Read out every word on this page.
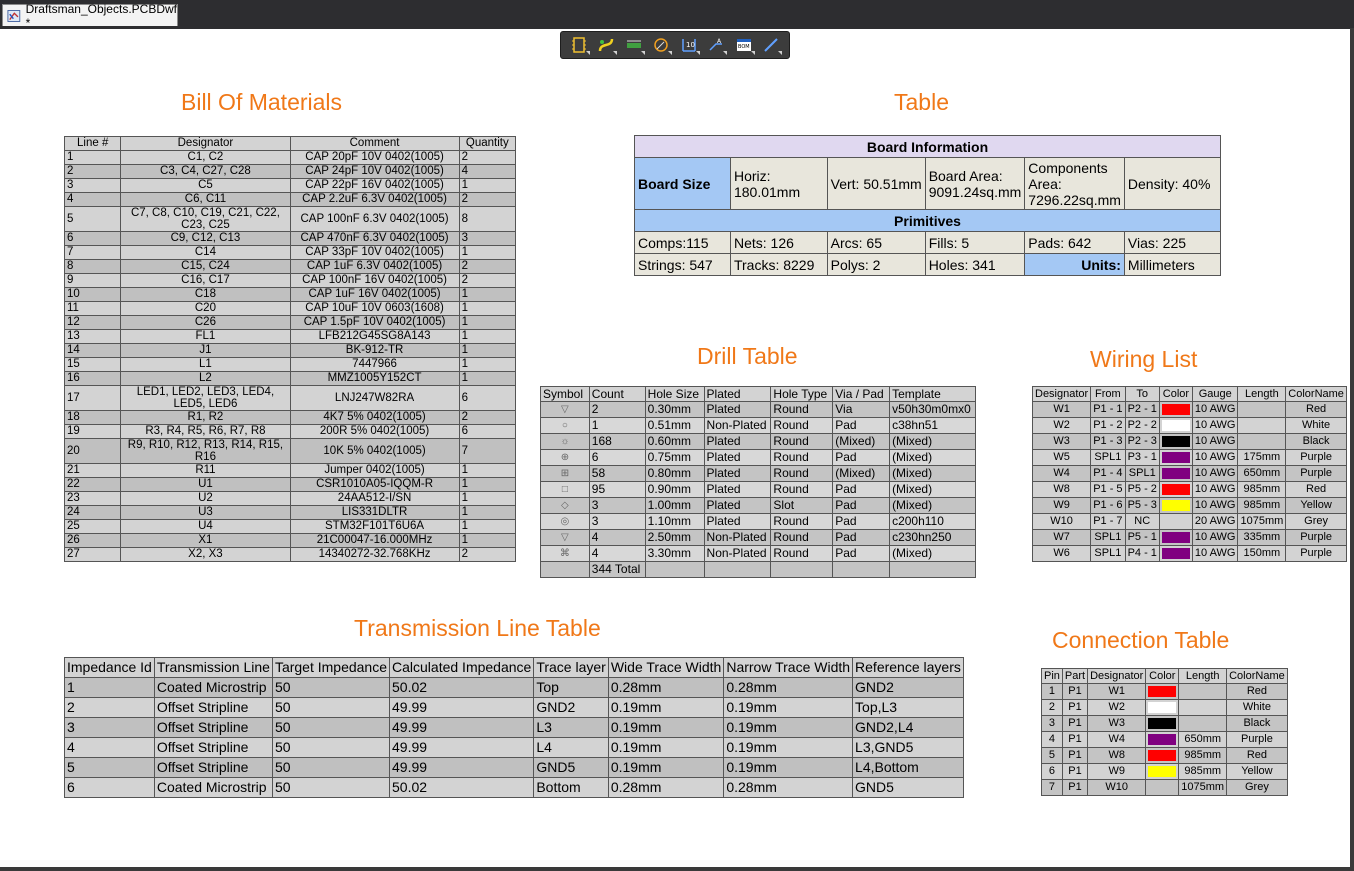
Draftsman_Objects.PCBDwf *
10	A
BOM
Bill Of Materials
Line #	Designator	Comment	Quantity
1	C1, C2	CAP 20pF 10V 0402(1005)	2
2	C3, C4, C27, C28	CAP 24pF 10V 0402(1005)	4
3	C5	CAP 22pF 16V 0402(1005)	1
4	C6, C11	CAP 2.2uF 6.3V 0402(1005)	2
5	C7, C8, C10, C19, C21, C22, C23, C25	CAP 100nF 6.3V 0402(1005)	8
6	C9, C12, C13	CAP 470nF 6.3V 0402(1005)	3
7	C14	CAP 33pF 10V 0402(1005)	1
8	C15, C24	CAP 1uF 6.3V 0402(1005)	2
9	C16, C17	CAP 100nF 16V 0402(1005)	2
10	C18	CAP 1uF 16V 0402(1005)	1
11	C20	CAP 10uF 10V 0603(1608)	1
12	C26	CAP 1.5pF 10V 0402(1005)	1
13	FL1	LFB212G45SG8A143	1
14	J1	BK-912-TR	1
15	L1	7447966	1
16	L2	MMZ1005Y152CT	1
17	LED1, LED2, LED3, LED4, LED5, LED6	LNJ247W82RA	6
18	R1, R2	4K7 5% 0402(1005)	2
19	R3, R4, R5, R6, R7, R8	200R 5% 0402(1005)	6
20	R9, R10, R12, R13, R14, R15, R16	10K 5% 0402(1005)	7
21	R11	Jumper 0402(1005)	1
22	U1	CSR1010A05-IQQM-R	1
23	U2	24AA512-I/SN	1
24	U3	LIS331DLTR	1
25	U4	STM32F101T6U6A	1
26	X1	21C00047-16.000MHz	1
27	X2, X3	14340272-32.768KHz	2
Table
Board Information					
Board Size	Horiz: 180.01mm	Vert: 50.51mm	Board Area: 9091.24sq.mm	Components Area: 7296.22sq.mm	Density: 40%
Primitives					
Comps:115	Nets: 126	Arcs: 65	Fills: 5	Pads: 642	Vias: 225
Strings: 547	Tracks: 8229	Polys: 2	Holes: 341	Units:	Millimeters
Drill Table
Symbol	Count	Hole Size	Plated	Hole Type	Via / Pad	Template
▽	2	0.30mm	Plated	Round	Via	v50h30m0mx0
○	1	0.51mm	Non-Plated	Round	Pad	c38hn51
☼	168	0.60mm	Plated	Round	(Mixed)	(Mixed)
⊕	6	0.75mm	Plated	Round	Pad	(Mixed)
⊞	58	0.80mm	Plated	Round	(Mixed)	(Mixed)
□	95	0.90mm	Plated	Round	Pad	(Mixed)
◇	3	1.00mm	Plated	Slot	Pad	(Mixed)
◎	3	1.10mm	Plated	Round	Pad	c200h110
▽	4	2.50mm	Non-Plated	Round	Pad	c230hn250
⌘	4	3.30mm	Non-Plated	Round	Pad	(Mixed)
	344 Total					
Wiring List
Designator	From	To	Color	Gauge	Length	ColorName
W1	P1 - 1	P2 - 1		10 AWG		Red
W2	P1 - 2	P2 - 2		10 AWG		White
W3	P1 - 3	P2 - 3		10 AWG		Black
W5	SPL1	P3 - 1		10 AWG	175mm	Purple
W4	P1 - 4	SPL1		10 AWG	650mm	Purple
W8	P1 - 5	P5 - 2		10 AWG	985mm	Red
W9	P1 - 6	P5 - 3		10 AWG	985mm	Yellow
W10	P1 - 7	NC		20 AWG	1075mm	Grey
W7	SPL1	P5 - 1		10 AWG	335mm	Purple
W6	SPL1	P4 - 1		10 AWG	150mm	Purple
Transmission Line Table
Impedance Id	Transmission Line	Target Impedance	Calculated Impedance	Trace layer	Wide Trace Width	Narrow Trace Width	Reference layers
1	Coated Microstrip	50	50.02	Top	0.28mm	0.28mm	GND2
2	Offset Stripline	50	49.99	GND2	0.19mm	0.19mm	Top,L3
3	Offset Stripline	50	49.99	L3	0.19mm	0.19mm	GND2,L4
4	Offset Stripline	50	49.99	L4	0.19mm	0.19mm	L3,GND5
5	Offset Stripline	50	49.99	GND5	0.19mm	0.19mm	L4,Bottom
6	Coated Microstrip	50	50.02	Bottom	0.28mm	0.28mm	GND5
Connection Table
Pin	Part	Designator	Color	Length	ColorName
1	P1	W1			Red
2	P1	W2			White
3	P1	W3			Black
4	P1	W4		650mm	Purple
5	P1	W8		985mm	Red
6	P1	W9		985mm	Yellow
7	P1	W10		1075mm	Grey
